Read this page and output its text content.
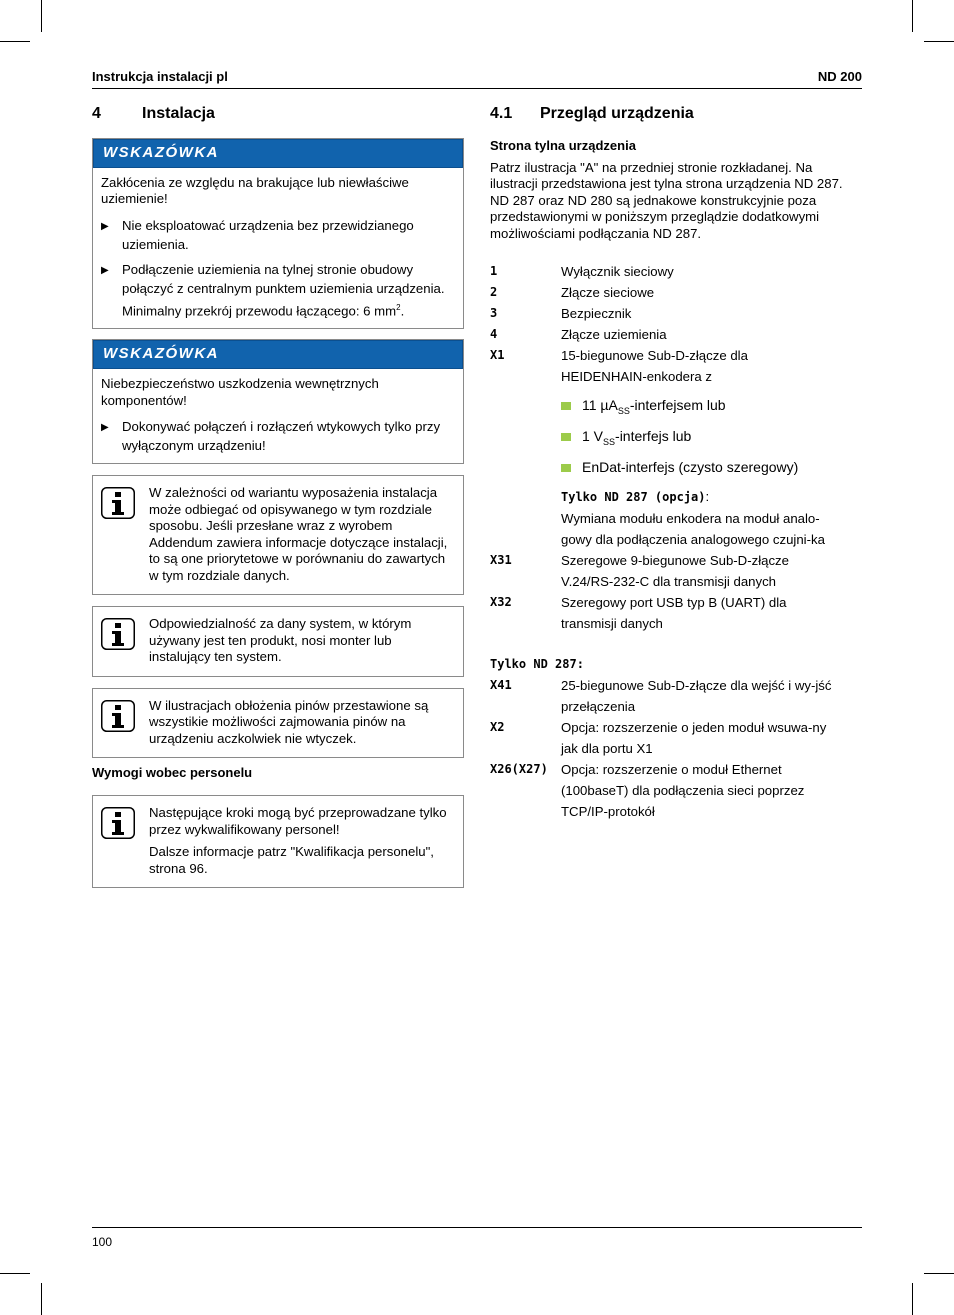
Instrukcja instalacji pl	ND 200
4	Instalacja
WSKAZÓWKA

Zakłócenia ze względu na brakujące lub niewłaściwe uziemienie!

▶	Nie eksploatować urządzenia bez przewidzianego uziemienia.
▶	Podłączenie uziemienia na tylnej stronie obudowy połączyć z centralnym punktem uziemienia urządzenia.
Minimalny przekrój przewodu łączącego: 6 $mm^2$.
WSKAZÓWKA

Niebezpieczeństwo uszkodzenia wewnętrznych komponentów!

▶	Dokonywać połączeń i rozłączeń wtykowych tylko przy wyłączonym urządzeniu!

W zależności od wariantu wyposażenia instalacja może odbiegać od opisywanego w tym rozdziale sposobu. Jeśli przesłane wraz z wyrobem Addendum zawiera informacje dotyczące instalacji, to są one priorytetowe w porównaniu do zawartych w tym rozdziale danych.

Odpowiedzialność za dany system, w którym używany jest ten produkt, nosi monter lub instalujący ten system.

W ilustracjach obłożenia pinów przestawione są wszystikie możliwości zajmowania pinów na urządzeniu aczkolwiek nie wtyczek.

Wymogi wobec personelu

Następujące kroki mogą być przeprowadzane tylko przez wykwalifikowany personel!

Dalsze informacje patrz "Kwalifikacja personelu", strona 96.

4.1	Przegląd urządzenia
Strona tylna urządzenia

Patrz ilustracja "A" na przedniej stronie rozkładanej. Na ilustracji przedstawiona jest tylna strona urządzenia ND 287. ND 287 oraz ND 280 są jednakowe konstrukcyjnie poza przedstawionymi w poniższym przeglądzie dodatkowymi możliwościami podłączania ND 287.

1	Wyłącznik sieciowy
2	Złącze sieciowe
3	Bezpiecznik
4	Złącze uziemienia
X1	15-biegunowe Sub-D-złącze dla HEIDENHAIN-enkodera z
11 µA$_{SS}$-interfejsem lub
1 $V_{SS}$-interfejs lub
EnDat-interfejs (czysto szeregowy)
Tylko ND 287 (opcja):
Wymiana modułu enkodera na moduł analo-gowy dla podłączenia analogowego czujni-ka
X31	Szeregowe 9-biegunowe Sub-D-złącze V.24/RS-232-C dla transmisji danych
X32	Szeregowy port USB typ B (UART) dla transmisji danych
Tylko ND 287:
X41	25-biegunowe Sub-D-złącze dla wejść i wy-jść przełączenia
X2	Opcja: rozszerzenie o jeden moduł wsuwa-ny jak dla portu X1
X26(X27)	Opcja: rozszerzenie o moduł Ethernet (100baseT) dla podłączenia sieci poprzez TCP/IP-protokół
100
